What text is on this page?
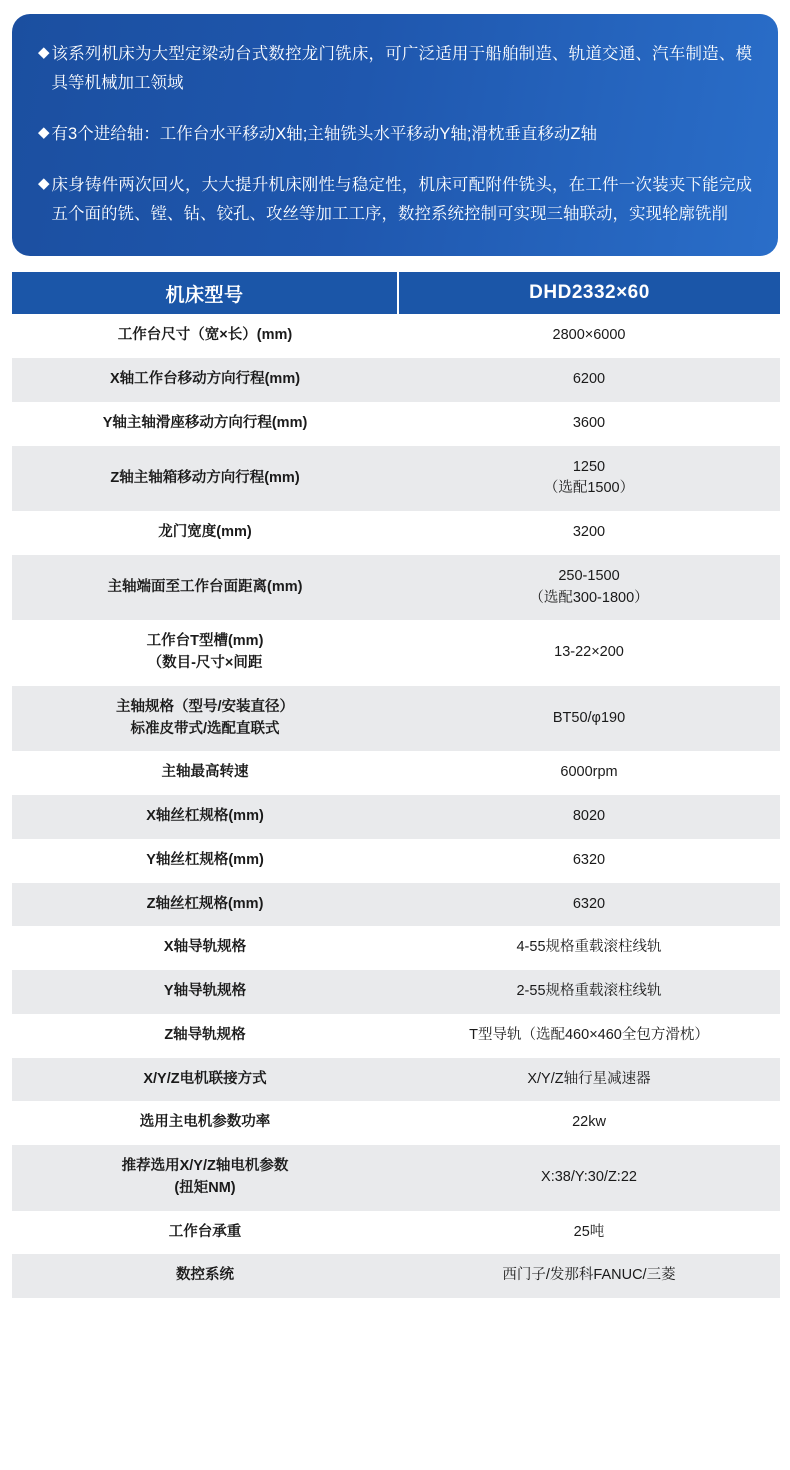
◆ 该系列机床为大型定梁动台式数控龙门铣床，可广泛适用于船舶制造、轨道交通、汽车制造、模具等机械加工领域
◆ 有3个进给轴：工作台水平移动X轴;主轴铣头水平移动Y轴;滑枕垂直移动Z轴
◆ 床身铸件两次回火，大大提升机床刚性与稳定性，机床可配附件铣头，在工件一次装夹下能完成五个面的铣、镗、钻、铰孔、攻丝等加工工序，数控系统控制可实现三轴联动，实现轮廓铣削
机床型号	DHD2332×60

工作台尺寸（宽×长）(mm)	2800×6000

X轴工作台移动方向行程(mm)	6200

Y轴主轴滑座移动方向行程(mm)	3600

Z轴主轴箱移动方向行程(mm)	1250
（选配1500）

龙门宽度(mm)	3200

主轴端面至工作台面距离(mm)	250-1500
（选配300-1800）

工作台T型槽(mm)
（数目-尺寸×间距	13-22×200

主轴规格（型号/安装直径）
标准皮带式/选配直联式	BT50/φ190

主轴最高转速	6000rpm

X轴丝杠规格(mm)	8020

Y轴丝杠规格(mm)	6320

Z轴丝杠规格(mm)	6320

X轴导轨规格	4-55规格重载滚柱线轨

Y轴导轨规格	2-55规格重载滚柱线轨

Z轴导轨规格	T型导轨（选配460×460全包方滑枕）

X/Y/Z电机联接方式	X/Y/Z轴行星减速器

选用主电机参数功率	22kw

推荐选用X/Y/Z轴电机参数
(扭矩NM)	X:38/Y:30/Z:22

工作台承重	25吨

数控系统	西门子/发那科FANUC/三菱
